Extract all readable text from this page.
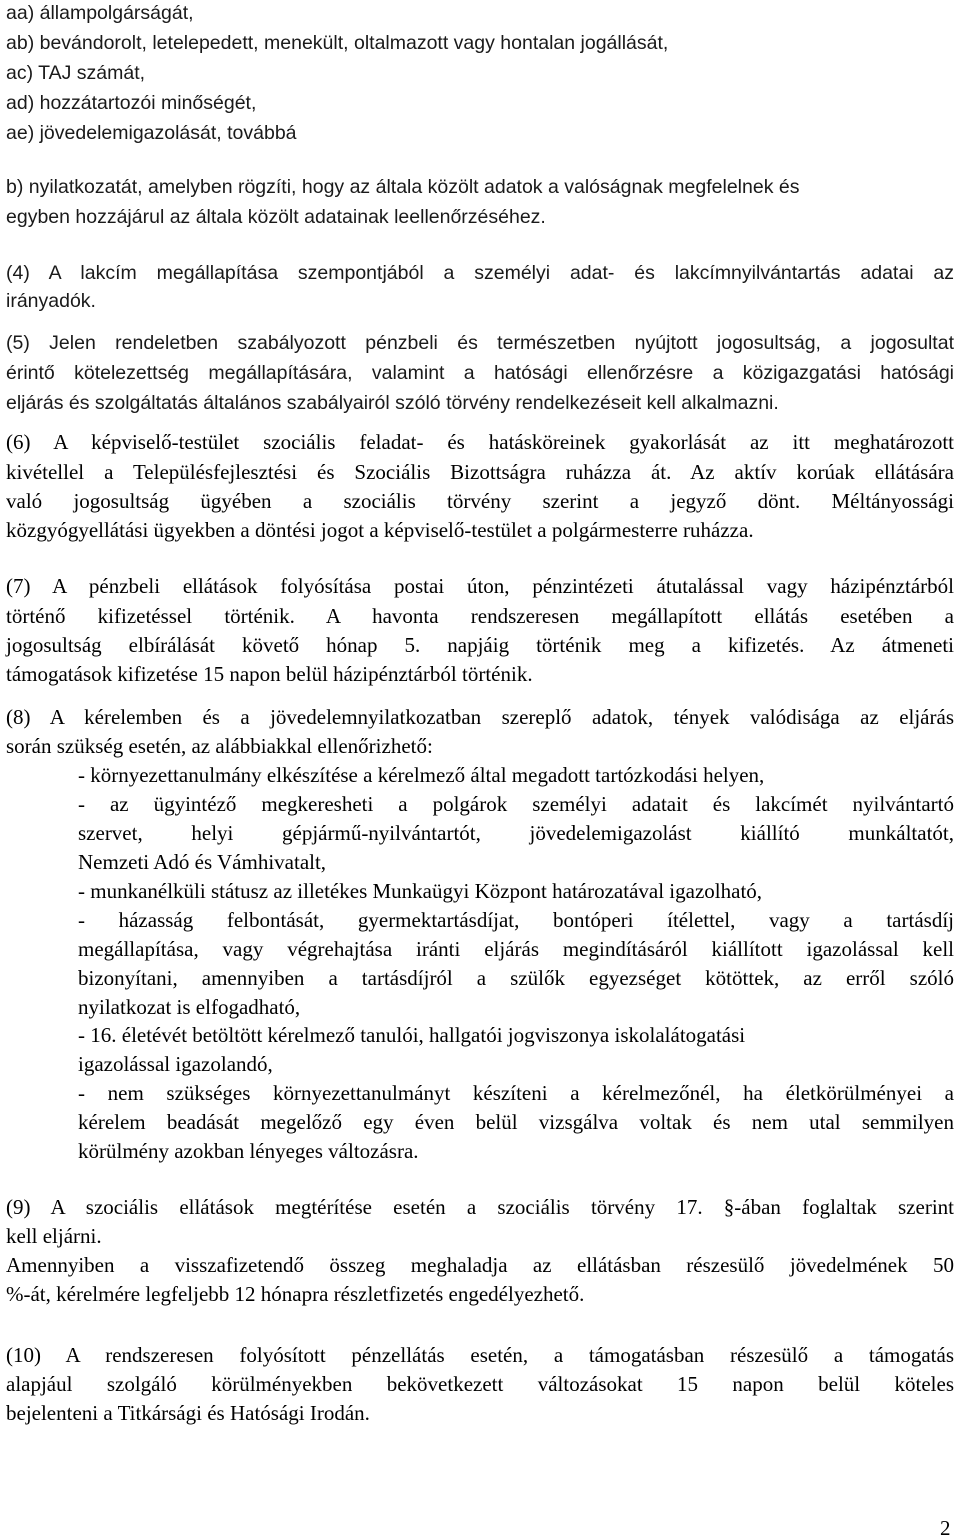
aa) állampolgárságát,
ab) bevándorolt, letelepedett, menekült, oltalmazott vagy hontalan jogállását,
ac) TAJ számát,
ad) hozzátartozói minőségét,
ae) jövedelemigazolását, továbbá
b) nyilatkozatát, amelyben rögzíti, hogy az általa közölt adatok a valóságnak megfelelnek és
egyben hozzájárul az általa közölt adatainak leellenőrzéséhez.
(4) A lakcím megállapítása szempontjából a személyi adat- és lakcímnyilvántartás adatai az
irányadók.
(5) Jelen rendeletben szabályozott pénzbeli és természetben nyújtott jogosultság, a jogosultat
érintő kötelezettség megállapítására, valamint a hatósági ellenőrzésre a közigazgatási hatósági
eljárás és szolgáltatás általános szabályairól szóló törvény rendelkezéseit kell alkalmazni.
(6) A képviselő-testület szociális feladat- és hatásköreinek gyakorlását az itt meghatározott
kivétellel a Településfejlesztési és Szociális Bizottságra ruházza át. Az aktív korúak ellátására
való jogosultság ügyében a szociális törvény szerint a jegyző dönt. Méltányossági
közgyógyellátási ügyekben a döntési jogot a képviselő-testület a polgármesterre ruházza.
(7) A pénzbeli ellátások folyósítása postai úton, pénzintézeti átutalással vagy házipénztárból
történő kifizetéssel történik. A havonta rendszeresen megállapított ellátás esetében a
jogosultság elbírálását követő hónap 5. napjáig történik meg a kifizetés. Az átmeneti
támogatások kifizetése 15 napon belül házipénztárból történik.
(8) A kérelemben és a jövedelemnyilatkozatban szereplő adatok, tények valódisága az eljárás
során szükség esetén, az alábbiakkal ellenőrizhető:
- környezettanulmány elkészítése a kérelmező által megadott tartózkodási helyen,
- az ügyintéző megkeresheti a polgárok személyi adatait és lakcímét nyilvántartó
szervet, helyi gépjármű-nyilvántartót, jövedelemigazolást kiállító munkáltatót,
Nemzeti Adó és Vámhivatalt,
- munkanélküli státusz az illetékes Munkaügyi Központ határozatával igazolható,
- házasság felbontását, gyermektartásdíjat, bontóperi ítélettel, vagy a tartásdíj
megállapítása, vagy végrehajtása iránti eljárás megindításáról kiállított igazolással kell
bizonyítani, amennyiben a tartásdíjról a szülők egyezséget kötöttek, az erről szóló
nyilatkozat is elfogadható,
- 16. életévét betöltött kérelmező tanulói, hallgatói jogviszonya iskolalátogatási
igazolással igazolandó,
- nem szükséges környezettanulmányt készíteni a kérelmezőnél, ha életkörülményei a
kérelem beadását megelőző egy éven belül vizsgálva voltak és nem utal semmilyen
körülmény azokban lényeges változásra.
(9) A szociális ellátások megtérítése esetén a szociális törvény 17. §-ában foglaltak szerint
kell eljárni.
Amennyiben a visszafizetendő összeg meghaladja az ellátásban részesülő jövedelmének 50
%-át, kérelmére legfeljebb 12 hónapra részletfizetés engedélyezhető.
(10) A rendszeresen folyósított pénzellátás esetén, a támogatásban részesülő a támogatás
alapjául szolgáló körülményekben bekövetkezett változásokat 15 napon belül köteles
bejelenteni a Titkársági és Hatósági Irodán.
2
